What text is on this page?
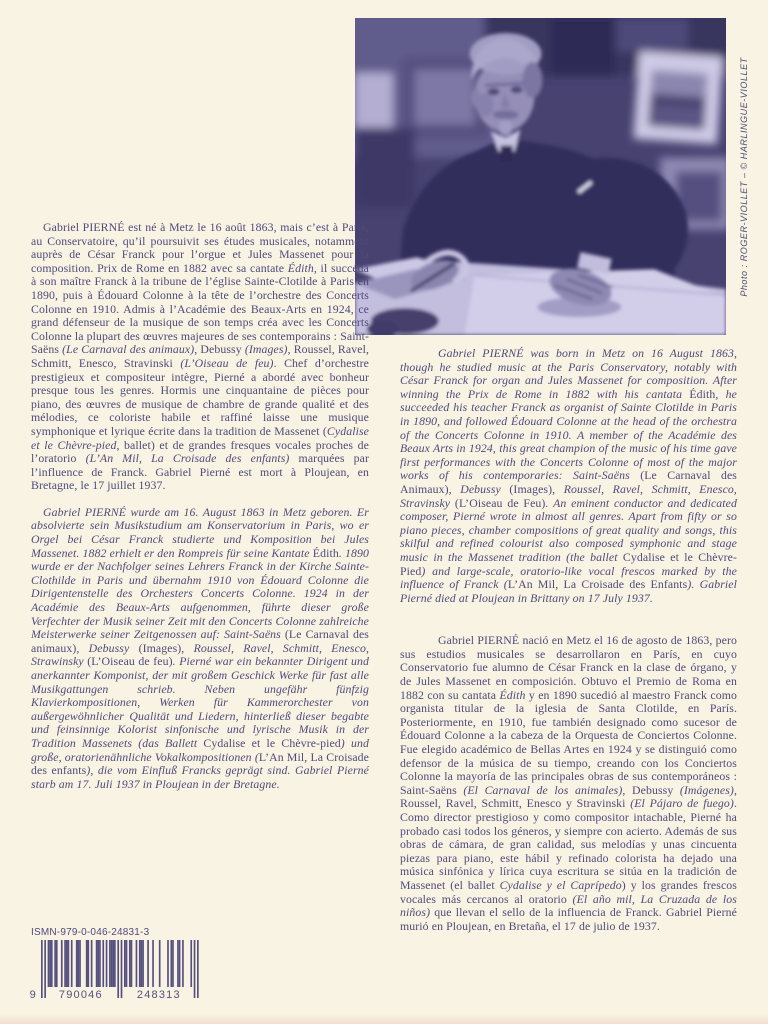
Photo : ROGER-VIOLLET – © HARLINGUE-VIOLLET

Gabriel PIERNÉ est né à Metz le 16 août 1863, mais c’est à Paris, au Conservatoire, qu’il poursuivit ses études musicales, notamment auprès de César Franck pour l’orgue et Jules Massenet pour la composition. Prix de Rome en 1882 avec sa cantate Édith, il succéda à son maître Franck à la tribune de l’église Sainte-Clotilde à Paris en 1890, puis à Édouard Colonne à la tête de l’orchestre des Concerts Colonne en 1910. Admis à l’Académie des Beaux-Arts en 1924, ce grand défenseur de la musique de son temps créa avec les Concerts Colonne la plupart des œuvres majeures de ses contemporains : Saint-Saëns (Le Carnaval des animaux), Debussy (Images), Roussel, Ravel, Schmitt, Enesco, Stravinski (L’Oiseau de feu). Chef d’orchestre prestigieux et compositeur intègre, Pierné a abordé avec bonheur presque tous les genres. Hormis une cinquantaine de pièces pour piano, des œuvres de musique de chambre de grande qualité et des mélodies, ce coloriste habile et raffiné laisse une musique symphonique et lyrique écrite dans la tradition de Massenet (Cydalise et le Chèvre-pied, ballet) et de grandes fresques vocales proches de l’oratorio (L’An Mil, La Croisade des enfants) marquées par l’influence de Franck. Gabriel Pierné est mort à Ploujean, en Bretagne, le 17 juillet 1937.

Gabriel PIERNÉ wurde am 16. August 1863 in Metz geboren. Er absolvierte sein Musikstudium am Konservatorium in Paris, wo er Orgel bei César Franck studierte und Komposition bei Jules Massenet. 1882 erhielt er den Rompreis für seine Kantate Édith. 1890 wurde er der Nachfolger seines Lehrers Franck in der Kirche Sainte-Clothilde in Paris und übernahm 1910 von Édouard Colonne die Dirigentenstelle des Orchesters Concerts Colonne. 1924 in der Académie des Beaux-Arts aufgenommen, führte dieser große Verfechter der Musik seiner Zeit mit den Concerts Colonne zahlreiche Meisterwerke seiner Zeitgenossen auf: Saint-Saëns (Le Carnaval des animaux), Debussy (Images), Roussel, Ravel, Schmitt, Enesco, Strawinsky (L’Oiseau de feu). Pierné war ein bekannter Dirigent und anerkannter Komponist, der mit großem Geschick Werke für fast alle Musikgattungen schrieb. Neben ungefähr fünfzig Klavierkompositionen, Werken für Kammerorchester von außergewöhnlicher Qualität und Liedern, hinterließ dieser begabte und feinsinnige Kolorist sinfonische und lyrische Musik in der Tradition Massenets (das Ballett Cydalise et le Chèvre-pied) und große, oratorienähnliche Vokalkompositionen (L’An Mil, La Croisade des enfants), die vom Einfluß Francks geprägt sind. Gabriel Pierné starb am 17. Juli 1937 in Ploujean in der Bretagne.

Gabriel PIERNÉ was born in Metz on 16 August 1863, though he studied music at the Paris Conservatory, notably with César Franck for organ and Jules Massenet for composition. After winning the Prix de Rome in 1882 with his cantata Édith, he succeeded his teacher Franck as organist of Sainte Clotilde in Paris in 1890, and followed Édouard Colonne at the head of the orchestra of the Concerts Colonne in 1910. A member of the Académie des Beaux Arts in 1924, this great champion of the music of his time gave first performances with the Concerts Colonne of most of the major works of his contemporaries: Saint-Saëns (Le Carnaval des Animaux), Debussy (Images), Roussel, Ravel, Schmitt, Enesco, Stravinsky (L’Oiseau de Feu). An eminent conductor and dedicated composer, Pierné wrote in almost all genres. Apart from fifty or so piano pieces, chamber compositions of great quality and songs, this skilful and refined colourist also composed symphonic and stage music in the Massenet tradition (the ballet Cydalise et le Chèvre-Pied) and large-scale, oratorio-like vocal frescos marked by the influence of Franck (L’An Mil, La Croisade des Enfants). Gabriel Pierné died at Ploujean in Brittany on 17 July 1937.

Gabriel PIERNÉ nació en Metz el 16 de agosto de 1863, pero sus estudios musicales se desarrollaron en París, en cuyo Conservatorio fue alumno de César Franck en la clase de órgano, y de Jules Massenet en composición. Obtuvo el Premio de Roma en 1882 con su cantata Édith y en 1890 sucedió al maestro Franck como organista titular de la iglesia de Santa Clotilde, en París. Posteriormente, en 1910, fue también designado como sucesor de Édouard Colonne a la cabeza de la Orquesta de Conciertos Colonne. Fue elegido académico de Bellas Artes en 1924 y se distinguió como defensor de la música de su tiempo, creando con los Conciertos Colonne la mayoría de las principales obras de sus contemporáneos : Saint-Saëns (El Carnaval de los animales), Debussy (Imágenes), Roussel, Ravel, Schmitt, Enesco y Stravinski (El Pájaro de fuego). Como director prestigioso y como compositor intachable, Pierné ha probado casi todos los géneros, y siempre con acierto. Además de sus obras de cámara, de gran calidad, sus melodías y unas cincuenta piezas para piano, este hábil y refinado colorista ha dejado una música sinfónica y lírica cuya escritura se sitúa en la tradición de Massenet (el ballet Cydalise y el Caprípedo) y los grandes frescos vocales más cercanos al oratorio (El año mil, La Cruzada de los niños) que llevan el sello de la influencia de Franck. Gabriel Pierné murió en Ploujean, en Bretaña, el 17 de julio de 1937.

ISMN-979-0-046-24831-3
9 790046	248313
